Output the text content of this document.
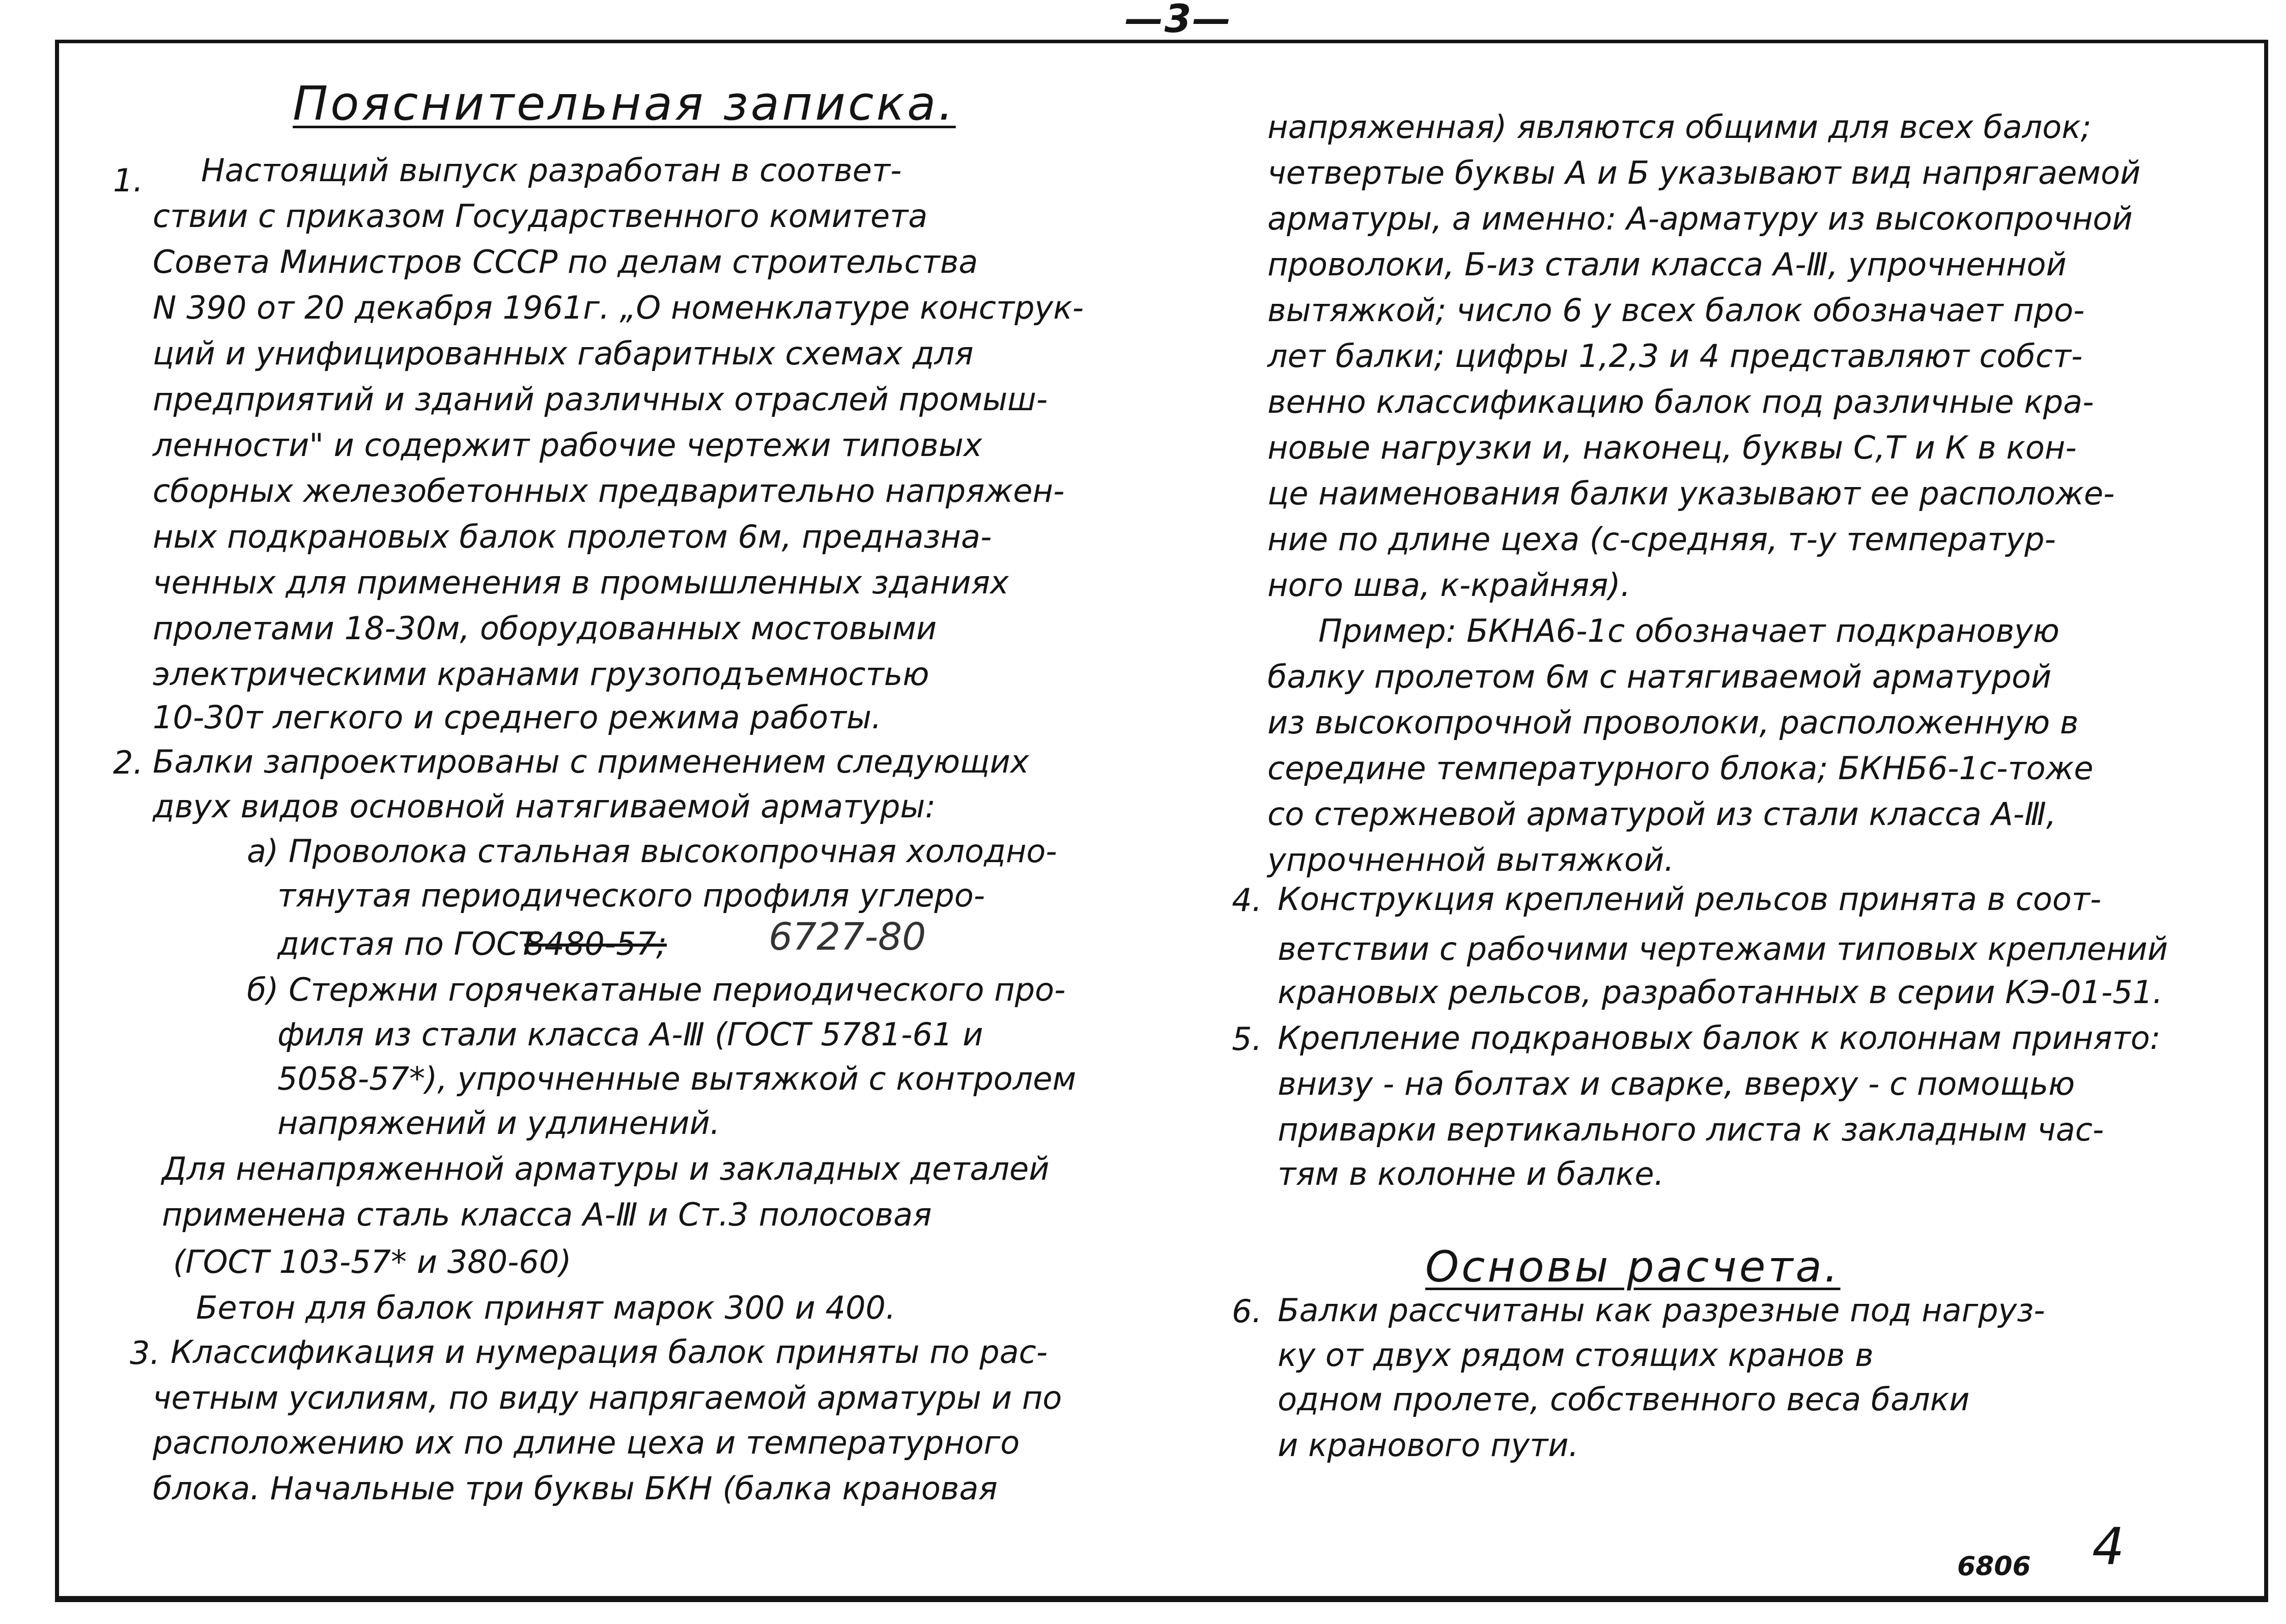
—3—
Пояснительная записка.
1.
2.
3.
Настоящий выпуск разработан в соответ-
ствии с приказом Государственного комитета
Совета Министров СССР по делам строительства
N 390 от 20 декабря 1961г. „О номенклатуре конструк-
ций и унифицированных габаритных схемах для
предприятий и зданий различных отраслей промыш-
ленности" и содержит рабочие чертежи типовых
сборных железобетонных предварительно напряжен-
ных подкрановых балок пролетом 6м, предназна-
ченных для применения в промышленных зданиях
пролетами 18-30м, оборудованных мостовыми
электрическими кранами грузоподъемностью
10-30т легкого и среднего режима работы.
Балки запроектированы с применением следующих
двух видов основной натягиваемой арматуры:
а) Проволока стальная высокопрочная холодно-
тянутая периодического профиля углеро-
дистая по ГОСТ
8480-57;	6727-80
б) Стержни горячекатаные периодического про-
филя из стали класса А-Ⅲ (ГОСТ 5781-61 и
5058-57*), упрочненные вытяжкой с контролем
напряжений и удлинений.
Для ненапряженной арматуры и закладных деталей
применена сталь класса А-Ⅲ и Ст.3 полосовая
(ГОСТ 103-57* и 380-60)
Бетон для балок принят марок 300 и 400.
Классификация и нумерация балок приняты по рас-
четным усилиям, по виду напрягаемой арматуры и по
расположению их по длине цеха и температурного
блока. Начальные три буквы БКН (балка крановая
напряженная) являются общими для всех балок;
четвертые буквы А и Б указывают вид напрягаемой
арматуры, а именно: А-арматуру из высокопрочной
проволоки, Б-из стали класса А-Ⅲ, упрочненной
вытяжкой; число 6 у всех балок обозначает про-
лет балки; цифры 1,2,3 и 4 представляют собст-
венно классификацию балок под различные кра-
новые нагрузки и, наконец, буквы С,Т и К в кон-
це наименования балки указывают ее расположе-
ние по длине цеха (с-средняя, т-у температур-
ного шва, к-крайняя).
Пример: БКНА6-1с обозначает подкрановую
балку пролетом 6м с натягиваемой арматурой
из высокопрочной проволоки, расположенную в
середине температурного блока; БКНБ6-1с-тоже
со стержневой арматурой из стали класса А-Ⅲ,
упрочненной вытяжкой.
4. Конструкция креплений рельсов принята в соот-
ветствии с рабочими чертежами типовых креплений
крановых рельсов, разработанных в серии КЭ-01-51.
5. Крепление подкрановых балок к колоннам принято:
внизу - на болтах и сварке, вверху - с помощью
приварки вертикального листа к закладным час-
тям в колонне и балке.
Основы расчета.
6. Балки рассчитаны как разрезные под нагруз-
ку от двух рядом стоящих кранов в
одном пролете, собственного веса балки
и кранового пути.
6806 4
